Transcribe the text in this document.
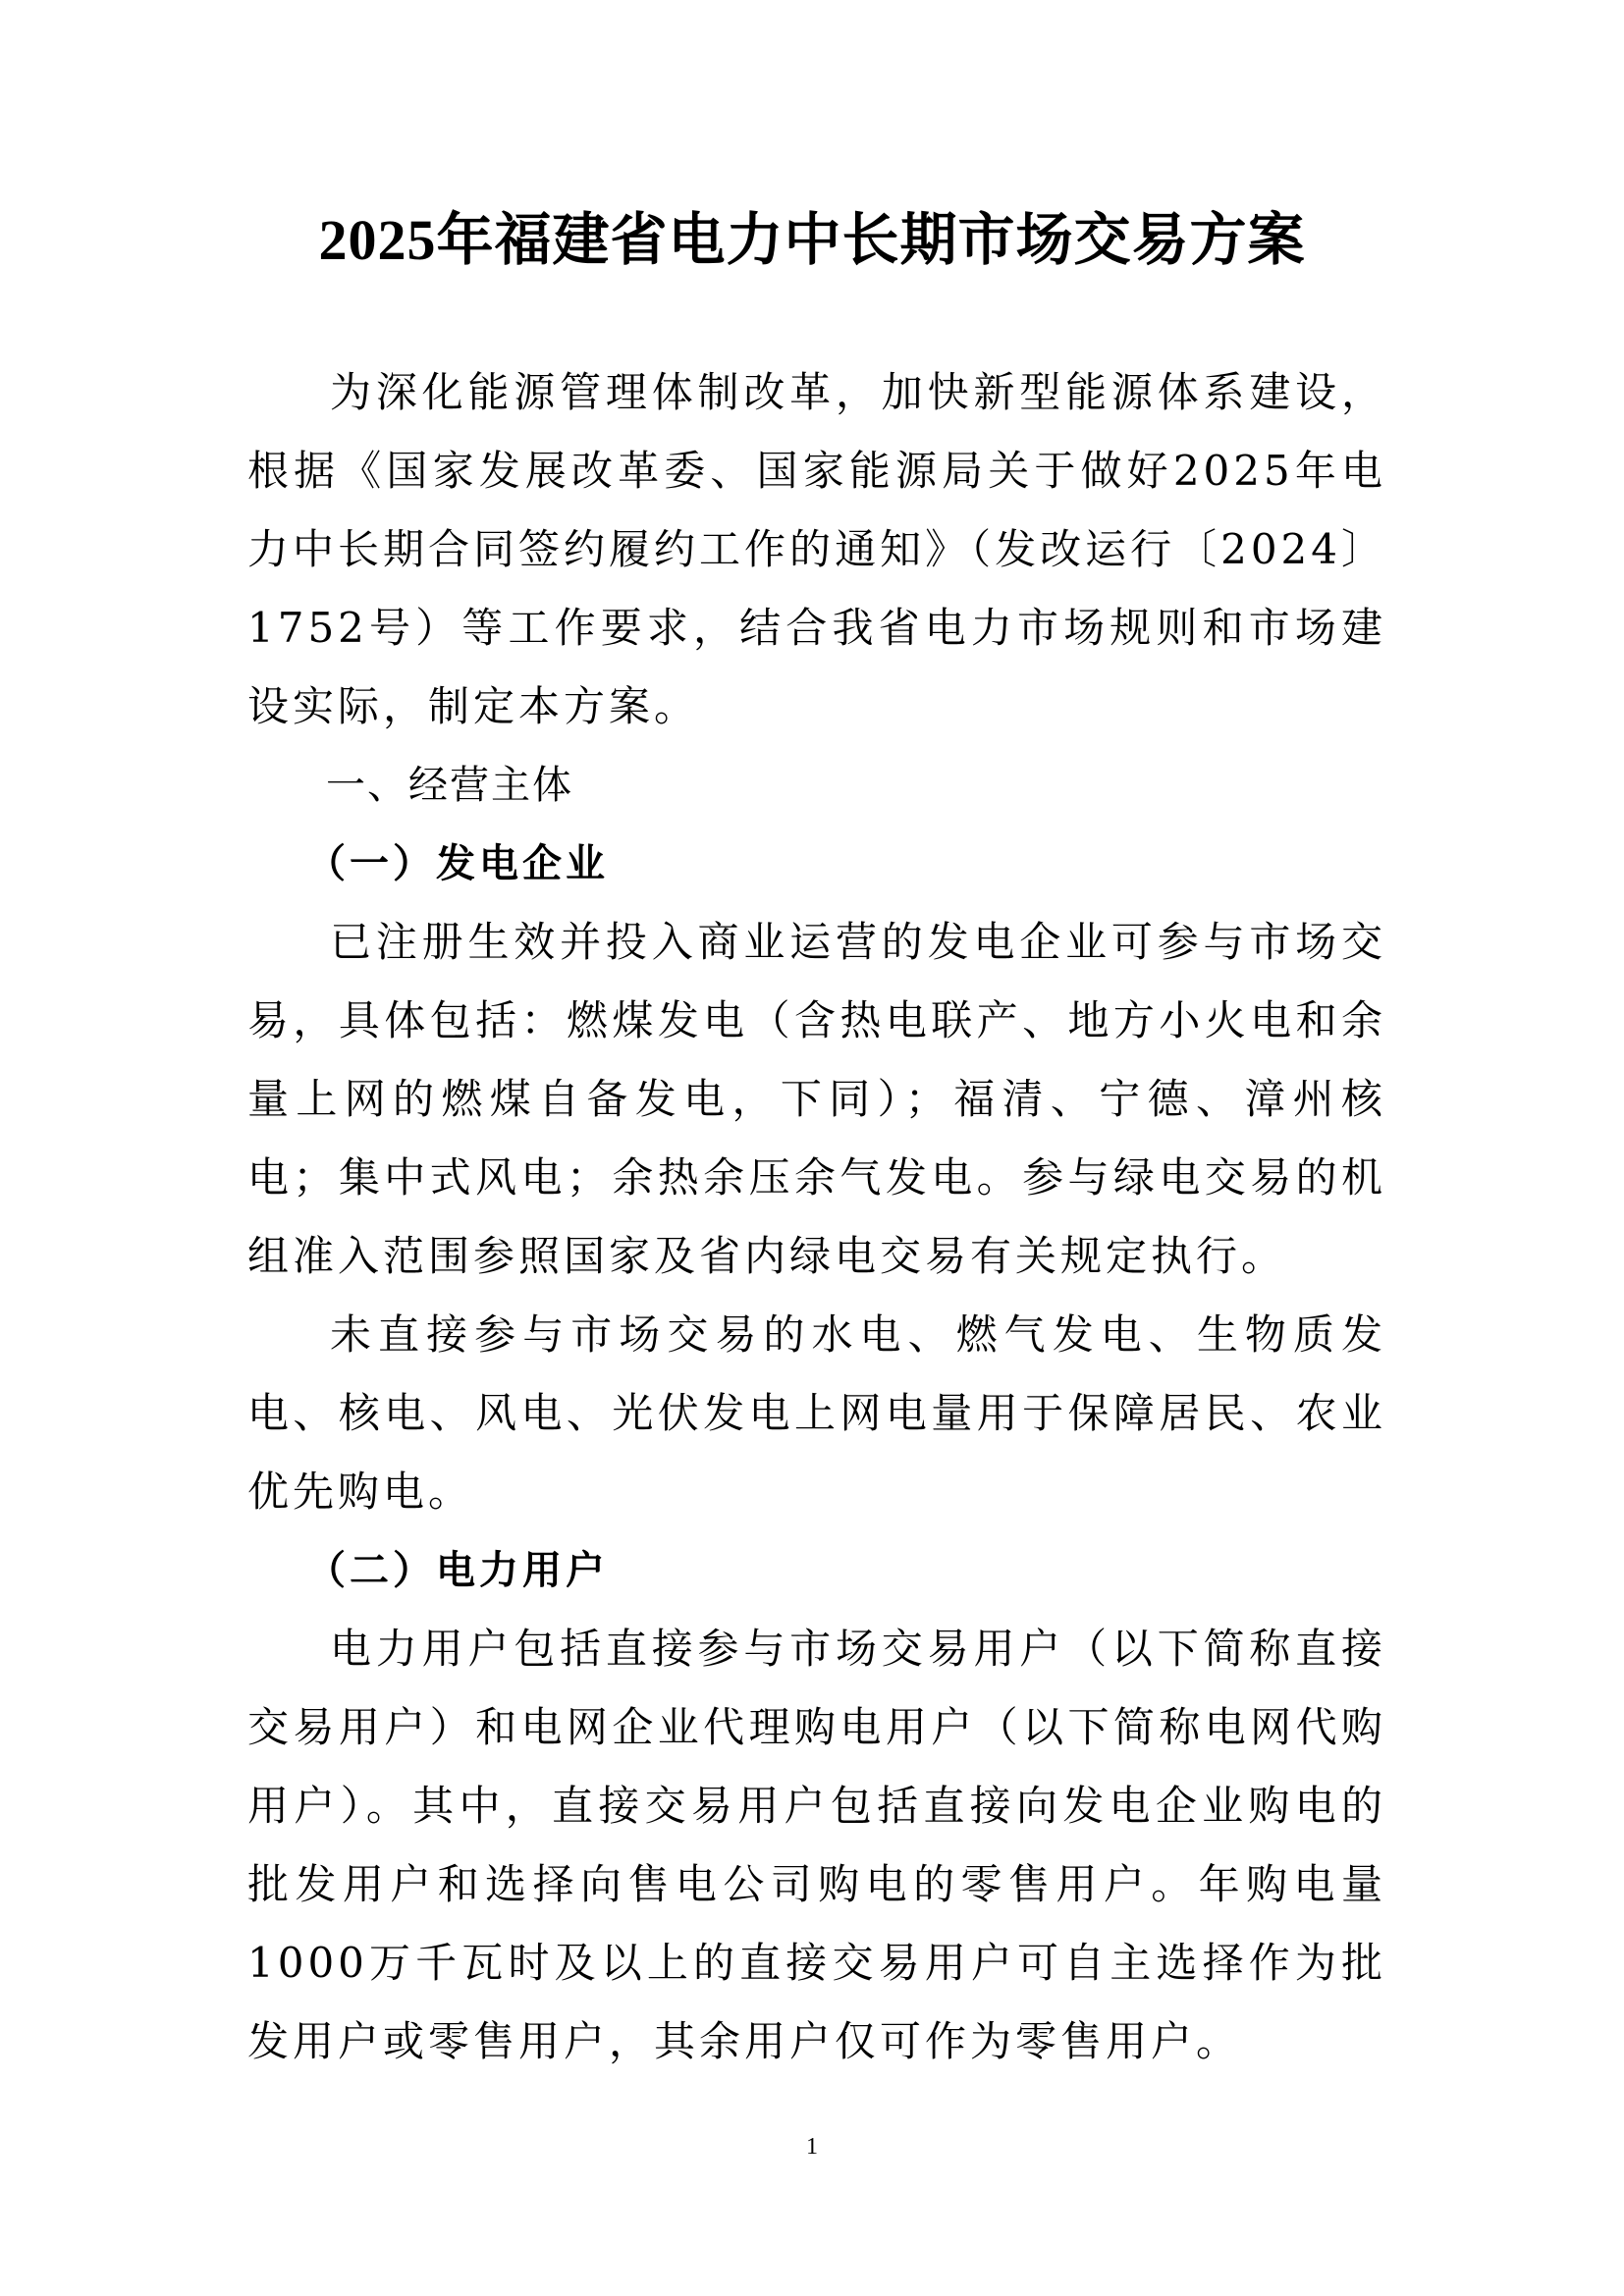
2025年福建省电力中长期市场交易方案

为深化能源管理体制改革，加快新型能源体系建设，根据《国家发展改革委、国家能源局关于做好2025年电力中长期合同签约履约工作的通知》（发改运行〔2024〕1752号）等工作要求，结合我省电力市场规则和市场建设实际，制定本方案。

一、经营主体

（一）发电企业

已注册生效并投入商业运营的发电企业可参与市场交易，具体包括：燃煤发电（含热电联产、地方小火电和余量上网的燃煤自备发电，下同）；福清、宁德、漳州核电；集中式风电；余热余压余气发电。参与绿电交易的机组准入范围参照国家及省内绿电交易有关规定执行。

未直接参与市场交易的水电、燃气发电、生物质发电、核电、风电、光伏发电上网电量用于保障居民、农业优先购电。

（二）电力用户

电力用户包括直接参与市场交易用户（以下简称直接交易用户）和电网企业代理购电用户（以下简称电网代购用户）。其中，直接交易用户包括直接向发电企业购电的批发用户和选择向售电公司购电的零售用户。年购电量1000万千瓦时及以上的直接交易用户可自主选择作为批发用户或零售用户，其余用户仅可作为零售用户。

1
